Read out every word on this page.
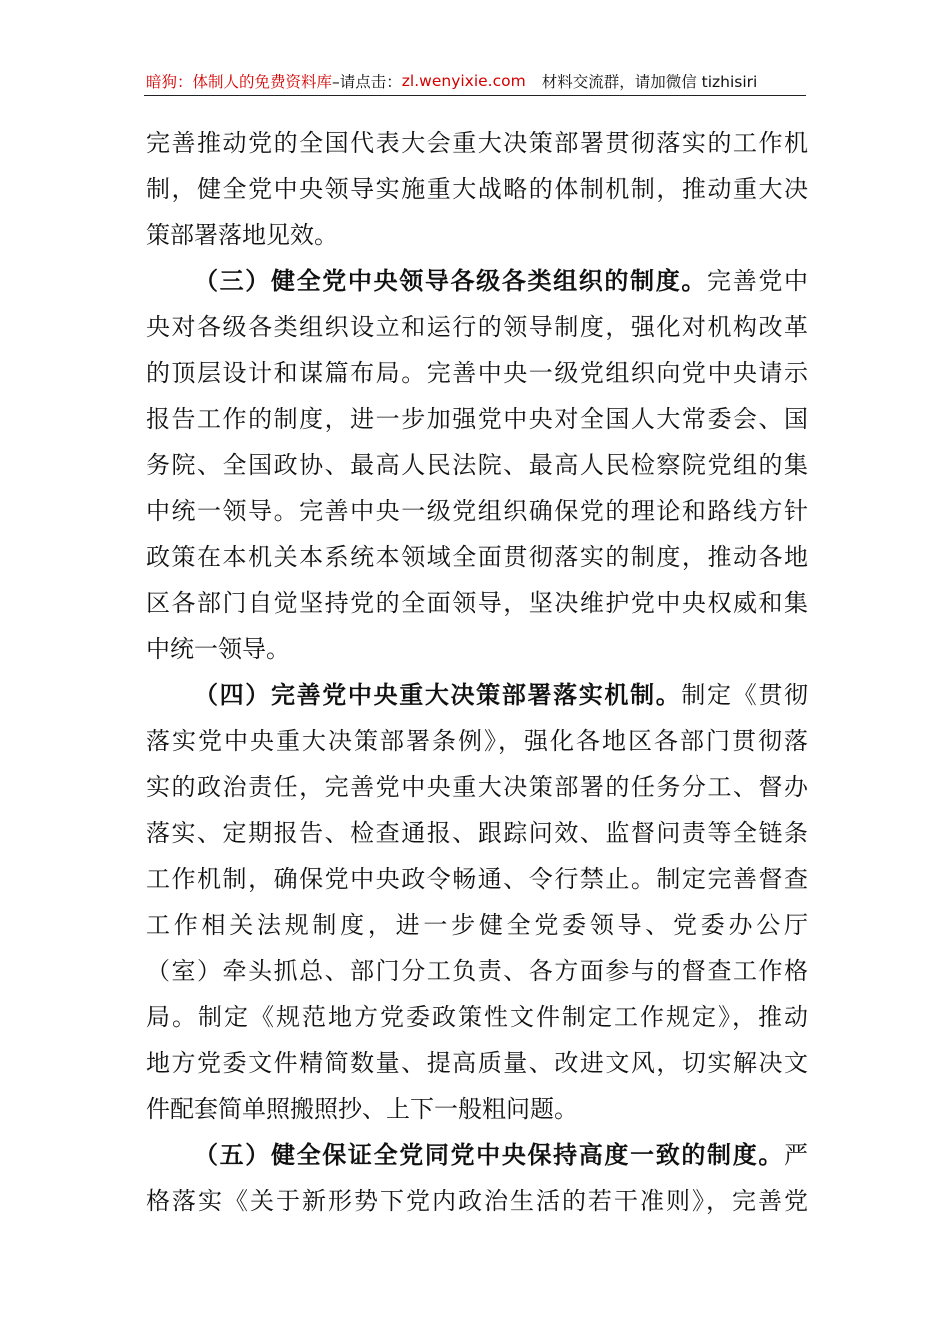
暗狗：体制人的免费资料库 –请点击： zl.wenyixie.com 材料交流群，请加微信 tizhisiri
完善推动党的全国代表大会重大决策部署贯彻落实的工作机
制，健全党中央领导实施重大战略的体制机制，推动重大决
策部署落地见效。
（三）健全党中央领导各级各类组织的制度。完善党中
央对各级各类组织设立和运行的领导制度，强化对机构改革
的顶层设计和谋篇布局。完善中央一级党组织向党中央请示
报告工作的制度，进一步加强党中央对全国人大常委会、国
务院、全国政协、最高人民法院、最高人民检察院党组的集
中统一领导。完善中央一级党组织确保党的理论和路线方针
政策在本机关本系统本领域全面贯彻落实的制度，推动各地
区各部门自觉坚持党的全面领导，坚决维护党中央权威和集
中统一领导。
（四）完善党中央重大决策部署落实机制。制定《贯彻
落实党中央重大决策部署条例》，强化各地区各部门贯彻落
实的政治责任，完善党中央重大决策部署的任务分工、督办
落实、定期报告、检查通报、跟踪问效、监督问责等全链条
工作机制，确保党中央政令畅通、令行禁止。制定完善督查
工作相关法规制度，进一步健全党委领导、党委办公厅
（室）牵头抓总、部门分工负责、各方面参与的督查工作格
局。制定《规范地方党委政策性文件制定工作规定》，推动
地方党委文件精简数量、提高质量、改进文风，切实解决文
件配套简单照搬照抄、上下一般粗问题。
（五）健全保证全党同党中央保持高度一致的制度。严
格落实《关于新形势下党内政治生活的若干准则》，完善党
